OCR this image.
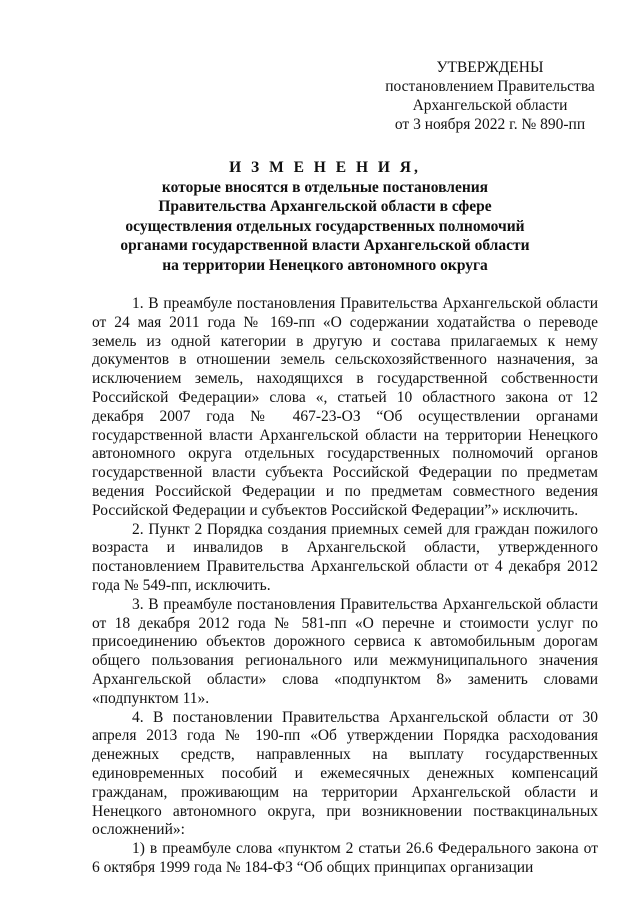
УТВЕРЖДЕНЫ
постановлением Правительства
Архангельской области
от 3 ноября 2022 г. № 890-пп
И З М Е Н Е Н И Я,
которые вносятся в отдельные постановления
Правительства Архангельской области в сфере
осуществления отдельных государственных полномочий
органами государственной власти Архангельской области
на территории Ненецкого автономного округа

1. В преамбуле постановления Правительства Архангельской области от 24 мая 2011 года № 169-пп «О содержании ходатайства о переводе земель из одной категории в другую и состава прилагаемых к нему документов в отношении земель сельскохозяйственного назначения, за исключением земель, находящихся в государственной собственности Российской Федерации» слова «, статьей 10 областного закона от 12 декабря 2007 года № 467-23-ОЗ “Об осуществлении органами государственной власти Архангельской области на территории Ненецкого автономного округа отдельных государственных полномочий органов государственной власти субъекта Российской Федерации по предметам ведения Российской Федерации и по предметам совместного ведения Российской Федерации и субъектов Российской Федерации”» исключить.

2. Пункт 2 Порядка создания приемных семей для граждан пожилого возраста и инвалидов в Архангельской области, утвержденного постановлением Правительства Архангельской области от 4 декабря 2012 года № 549-пп, исключить.

3. В преамбуле постановления Правительства Архангельской области от 18 декабря 2012 года № 581-пп «О перечне и стоимости услуг по присоединению объектов дорожного сервиса к автомобильным дорогам общего пользования регионального или межмуниципального значения Архангельской области» слова «подпунктом 8» заменить словами «подпунктом 11».

4. В постановлении Правительства Архангельской области от 30 апреля 2013 года № 190-пп «Об утверждении Порядка расходования денежных средств, направленных на выплату государственных единовременных пособий и ежемесячных денежных компенсаций гражданам, проживающим на территории Архангельской области и Ненецкого автономного округа, при возникновении поствакцинальных осложнений»:

1) в преамбуле слова «пунктом 2 статьи 26.6 Федерального закона от 6 октября 1999 года № 184-ФЗ “Об общих принципах организации
